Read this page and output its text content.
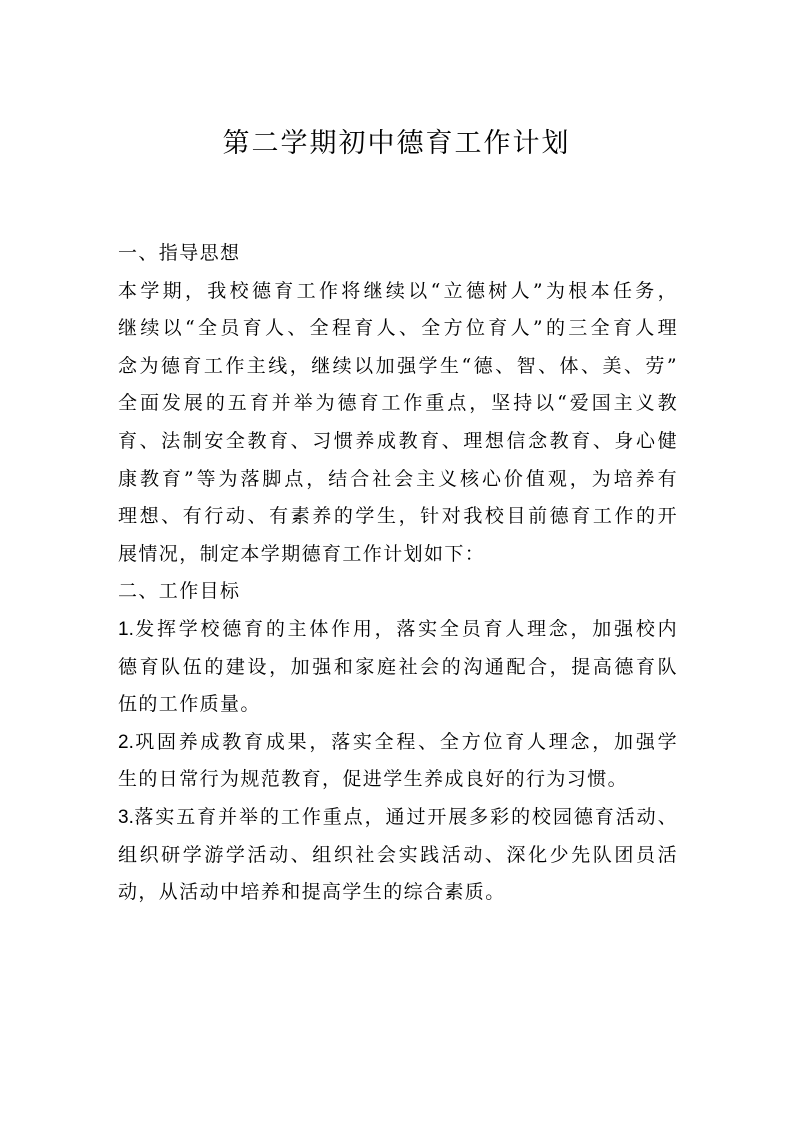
第二学期初中德育工作计划
一、指导思想
本学期，我校德育工作将继续以“立德树人”为根本任务，
继续以“全员育人、全程育人、全方位育人”的三全育人理
念为德育工作主线，继续以加强学生“德、智、体、美、劳”
全面发展的五育并举为德育工作重点，坚持以“爱国主义教
育、法制安全教育、习惯养成教育、理想信念教育、身心健
康教育”等为落脚点，结合社会主义核心价值观，为培养有
理想、有行动、有素养的学生，针对我校目前德育工作的开
展情况，制定本学期德育工作计划如下：
二、工作目标
1.发挥学校德育的主体作用，落实全员育人理念，加强校内
德育队伍的建设，加强和家庭社会的沟通配合，提高德育队
伍的工作质量。
2.巩固养成教育成果，落实全程、全方位育人理念，加强学
生的日常行为规范教育，促进学生养成良好的行为习惯。
3.落实五育并举的工作重点，通过开展多彩的校园德育活动、
组织研学游学活动、组织社会实践活动、深化少先队团员活
动，从活动中培养和提高学生的综合素质。
